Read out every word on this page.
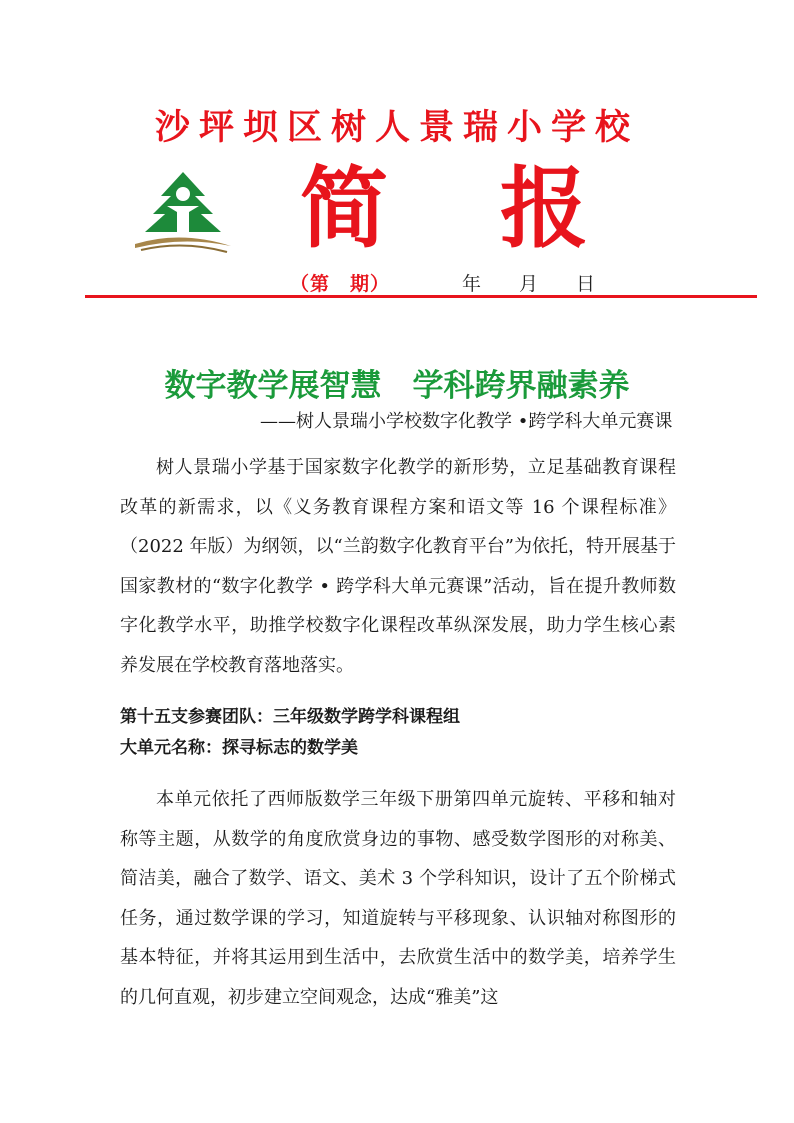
沙坪坝区树人景瑞小学校
简 报
（第　期）	年　　月　　日
数字教学展智慧　学科跨界融素养
——树人景瑞小学校数字化教学 •跨学科大单元赛课

树人景瑞小学基于国家数字化教学的新形势，立足基础教育课程改革的新需求，以《义务教育课程方案和语文等 16 个课程标准》（2022 年版）为纲领，以“兰韵数字化教育平台”为依托，特开展基于国家教材的“数字化教学 • 跨学科大单元赛课”活动，旨在提升教师数字化教学水平，助推学校数字化课程改革纵深发展，助力学生核心素养发展在学校教育落地落实。

第十五支参赛团队：三年级数学跨学科课程组
大单元名称：探寻标志的数学美

本单元依托了西师版数学三年级下册第四单元旋转、平移和轴对称等主题，从数学的角度欣赏身边的事物、感受数学图形的对称美、简洁美，融合了数学、语文、美术 3 个学科知识，设计了五个阶梯式任务，通过数学课的学习，知道旋转与平移现象、认识轴对称图形的基本特征，并将其运用到生活中，去欣赏生活中的数学美，培养学生的几何直观，初步建立空间观念，达成“雅美”这
